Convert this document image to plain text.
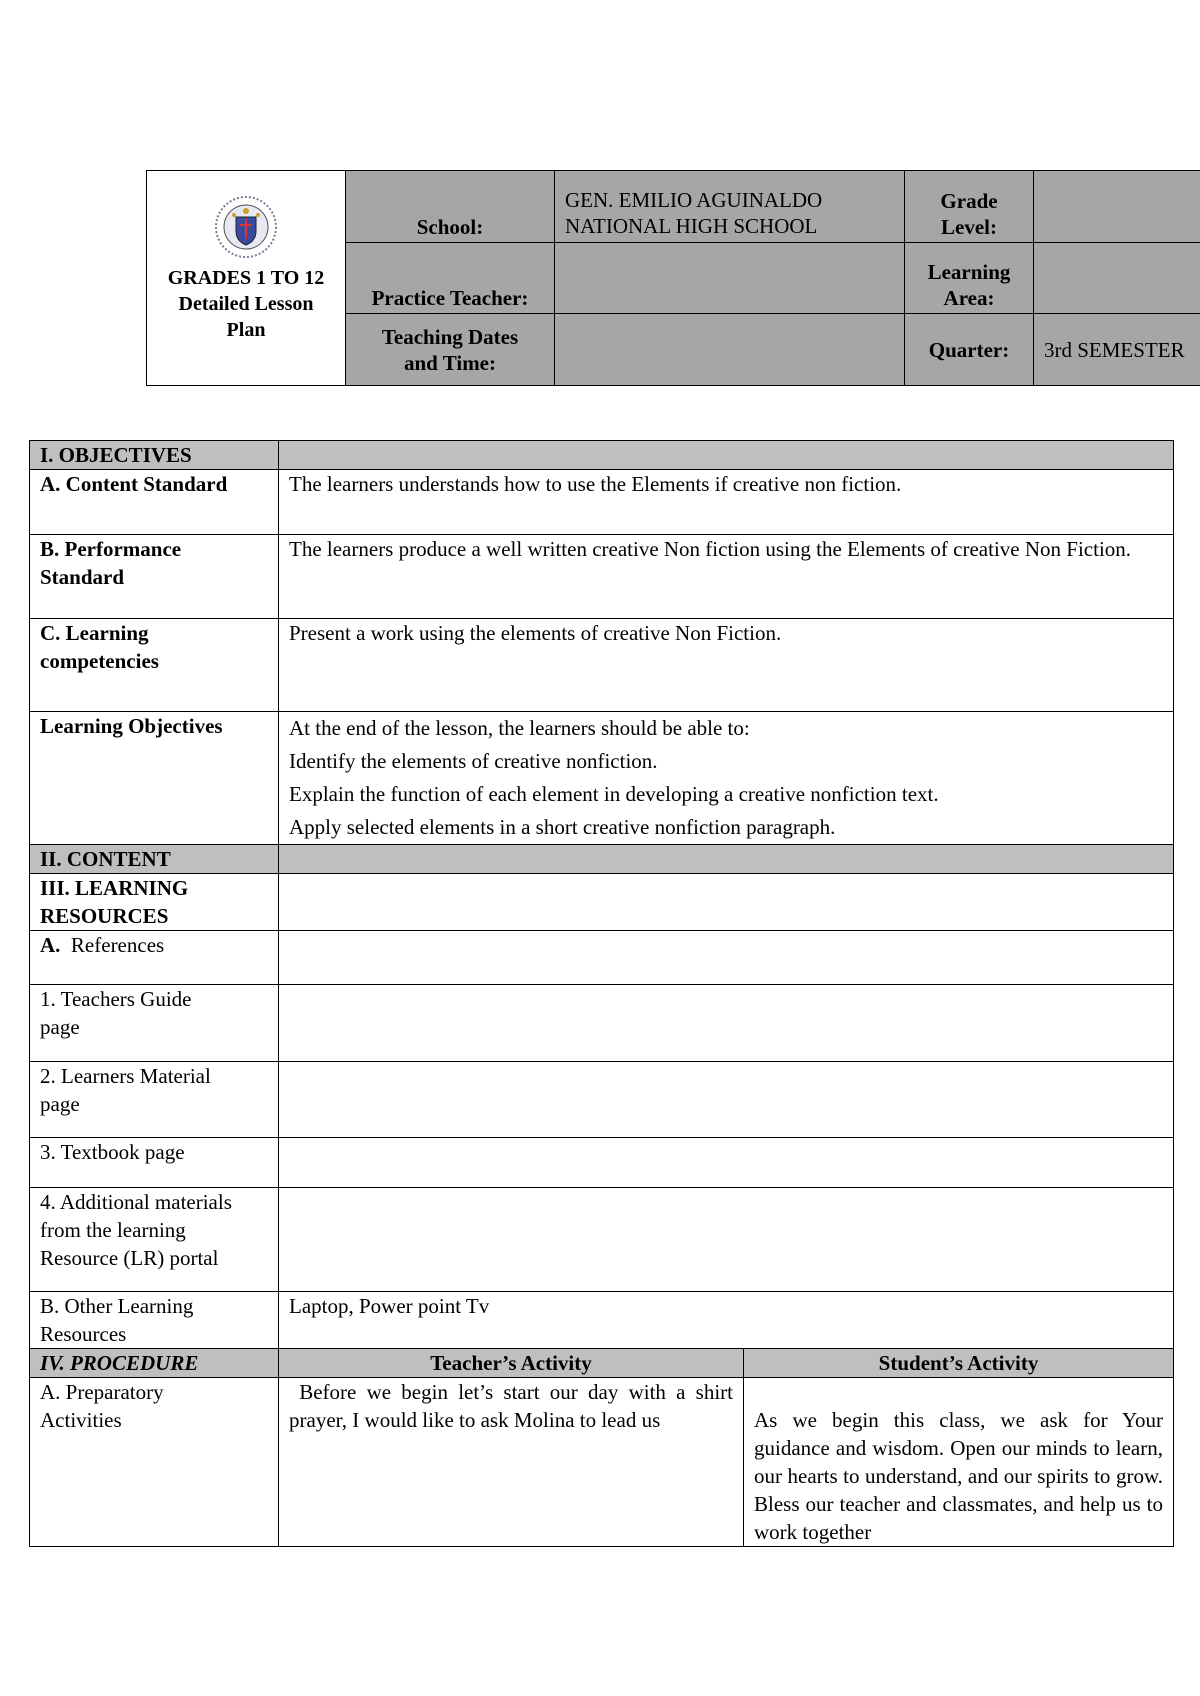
GRADES 1 TO 12
Detailed Lesson
Plan	School:	GEN. EMILIO AGUINALDO
NATIONAL HIGH SCHOOL	Grade
Level:	

	Practice Teacher:		Learning
Area:	

	Teaching Dates
and Time:		Quarter:	3rd SEMESTER
I. OBJECTIVES		
A. Content Standard	The learners understands how to use the Elements if creative non fiction.	

B. Performance
Standard	The learners produce a well written creative Non fiction using the Elements of creative Non Fiction.	

C. Learning
competencies	Present a work using the elements of creative Non Fiction.	
Learning Objectives	At the end of the lesson, the learners should be able to:
Identify the elements of creative nonfiction.
Explain the function of each element in developing a creative nonfiction text.
Apply selected elements in a short creative nonfiction paragraph.	

II. CONTENT		

III. LEARNING
RESOURCES		

A. References		

1. Teachers Guide
page		

2. Learners Material
page		

3. Textbook page		

4. Additional materials
from the learning
Resource (LR) portal		

B. Other Learning
Resources	Laptop, Power point Tv	
IV. PROCEDURE	Teacher’s Activity	Student’s Activity

A. Preparatory
Activities	Before we begin let’s start our day with a shirt prayer, I would like to ask Molina to lead us	As we begin this class, we ask for Your guidance and wisdom. Open our minds to learn, our hearts to understand, and our spirits to grow. Bless our teacher and classmates, and help us to work together
